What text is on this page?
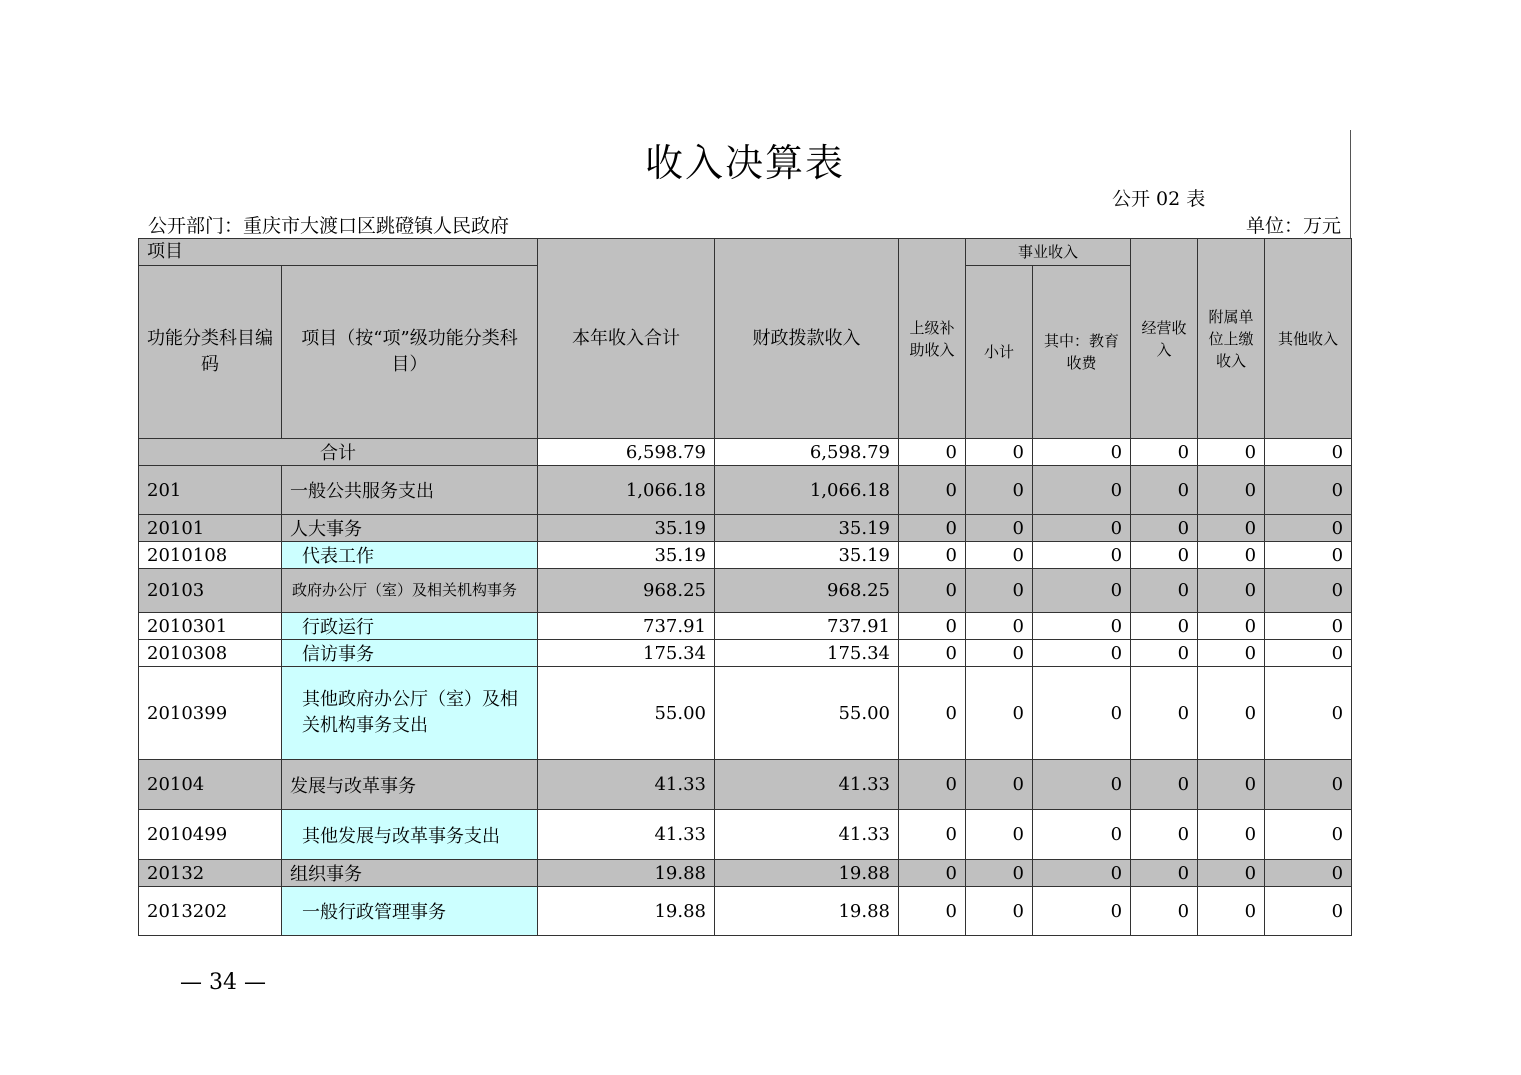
收入决算表
公开 02 表
公开部门：重庆市大渡口区跳磴镇人民政府	单位：万元
项目		本年收入合计	财政拨款收入	上级补助收入	事业收入		经营收入	附属单位上缴收入	其他收入
功能分类科目编码	项目（按“项”级功能分类科目）				小计	其中：教育收费			
合计		6,598.79	6,598.79	0	0	0	0	0	0
201	一般公共服务支出	1,066.18	1,066.18	0	0	0	0	0	0
20101	人大事务	35.19	35.19	0	0	0	0	0	0
2010108	代表工作	35.19	35.19	0	0	0	0	0	0
20103	政府办公厅（室）及相关机构事务	968.25	968.25	0	0	0	0	0	0
2010301	行政运行	737.91	737.91	0	0	0	0	0	0
2010308	信访事务	175.34	175.34	0	0	0	0	0	0
2010399	其他政府办公厅（室）及相关机构事务支出	55.00	55.00	0	0	0	0	0	0
20104	发展与改革事务	41.33	41.33	0	0	0	0	0	0
2010499	其他发展与改革事务支出	41.33	41.33	0	0	0	0	0	0
20132	组织事务	19.88	19.88	0	0	0	0	0	0
2013202	一般行政管理事务	19.88	19.88	0	0	0	0	0	0
— 34 —
